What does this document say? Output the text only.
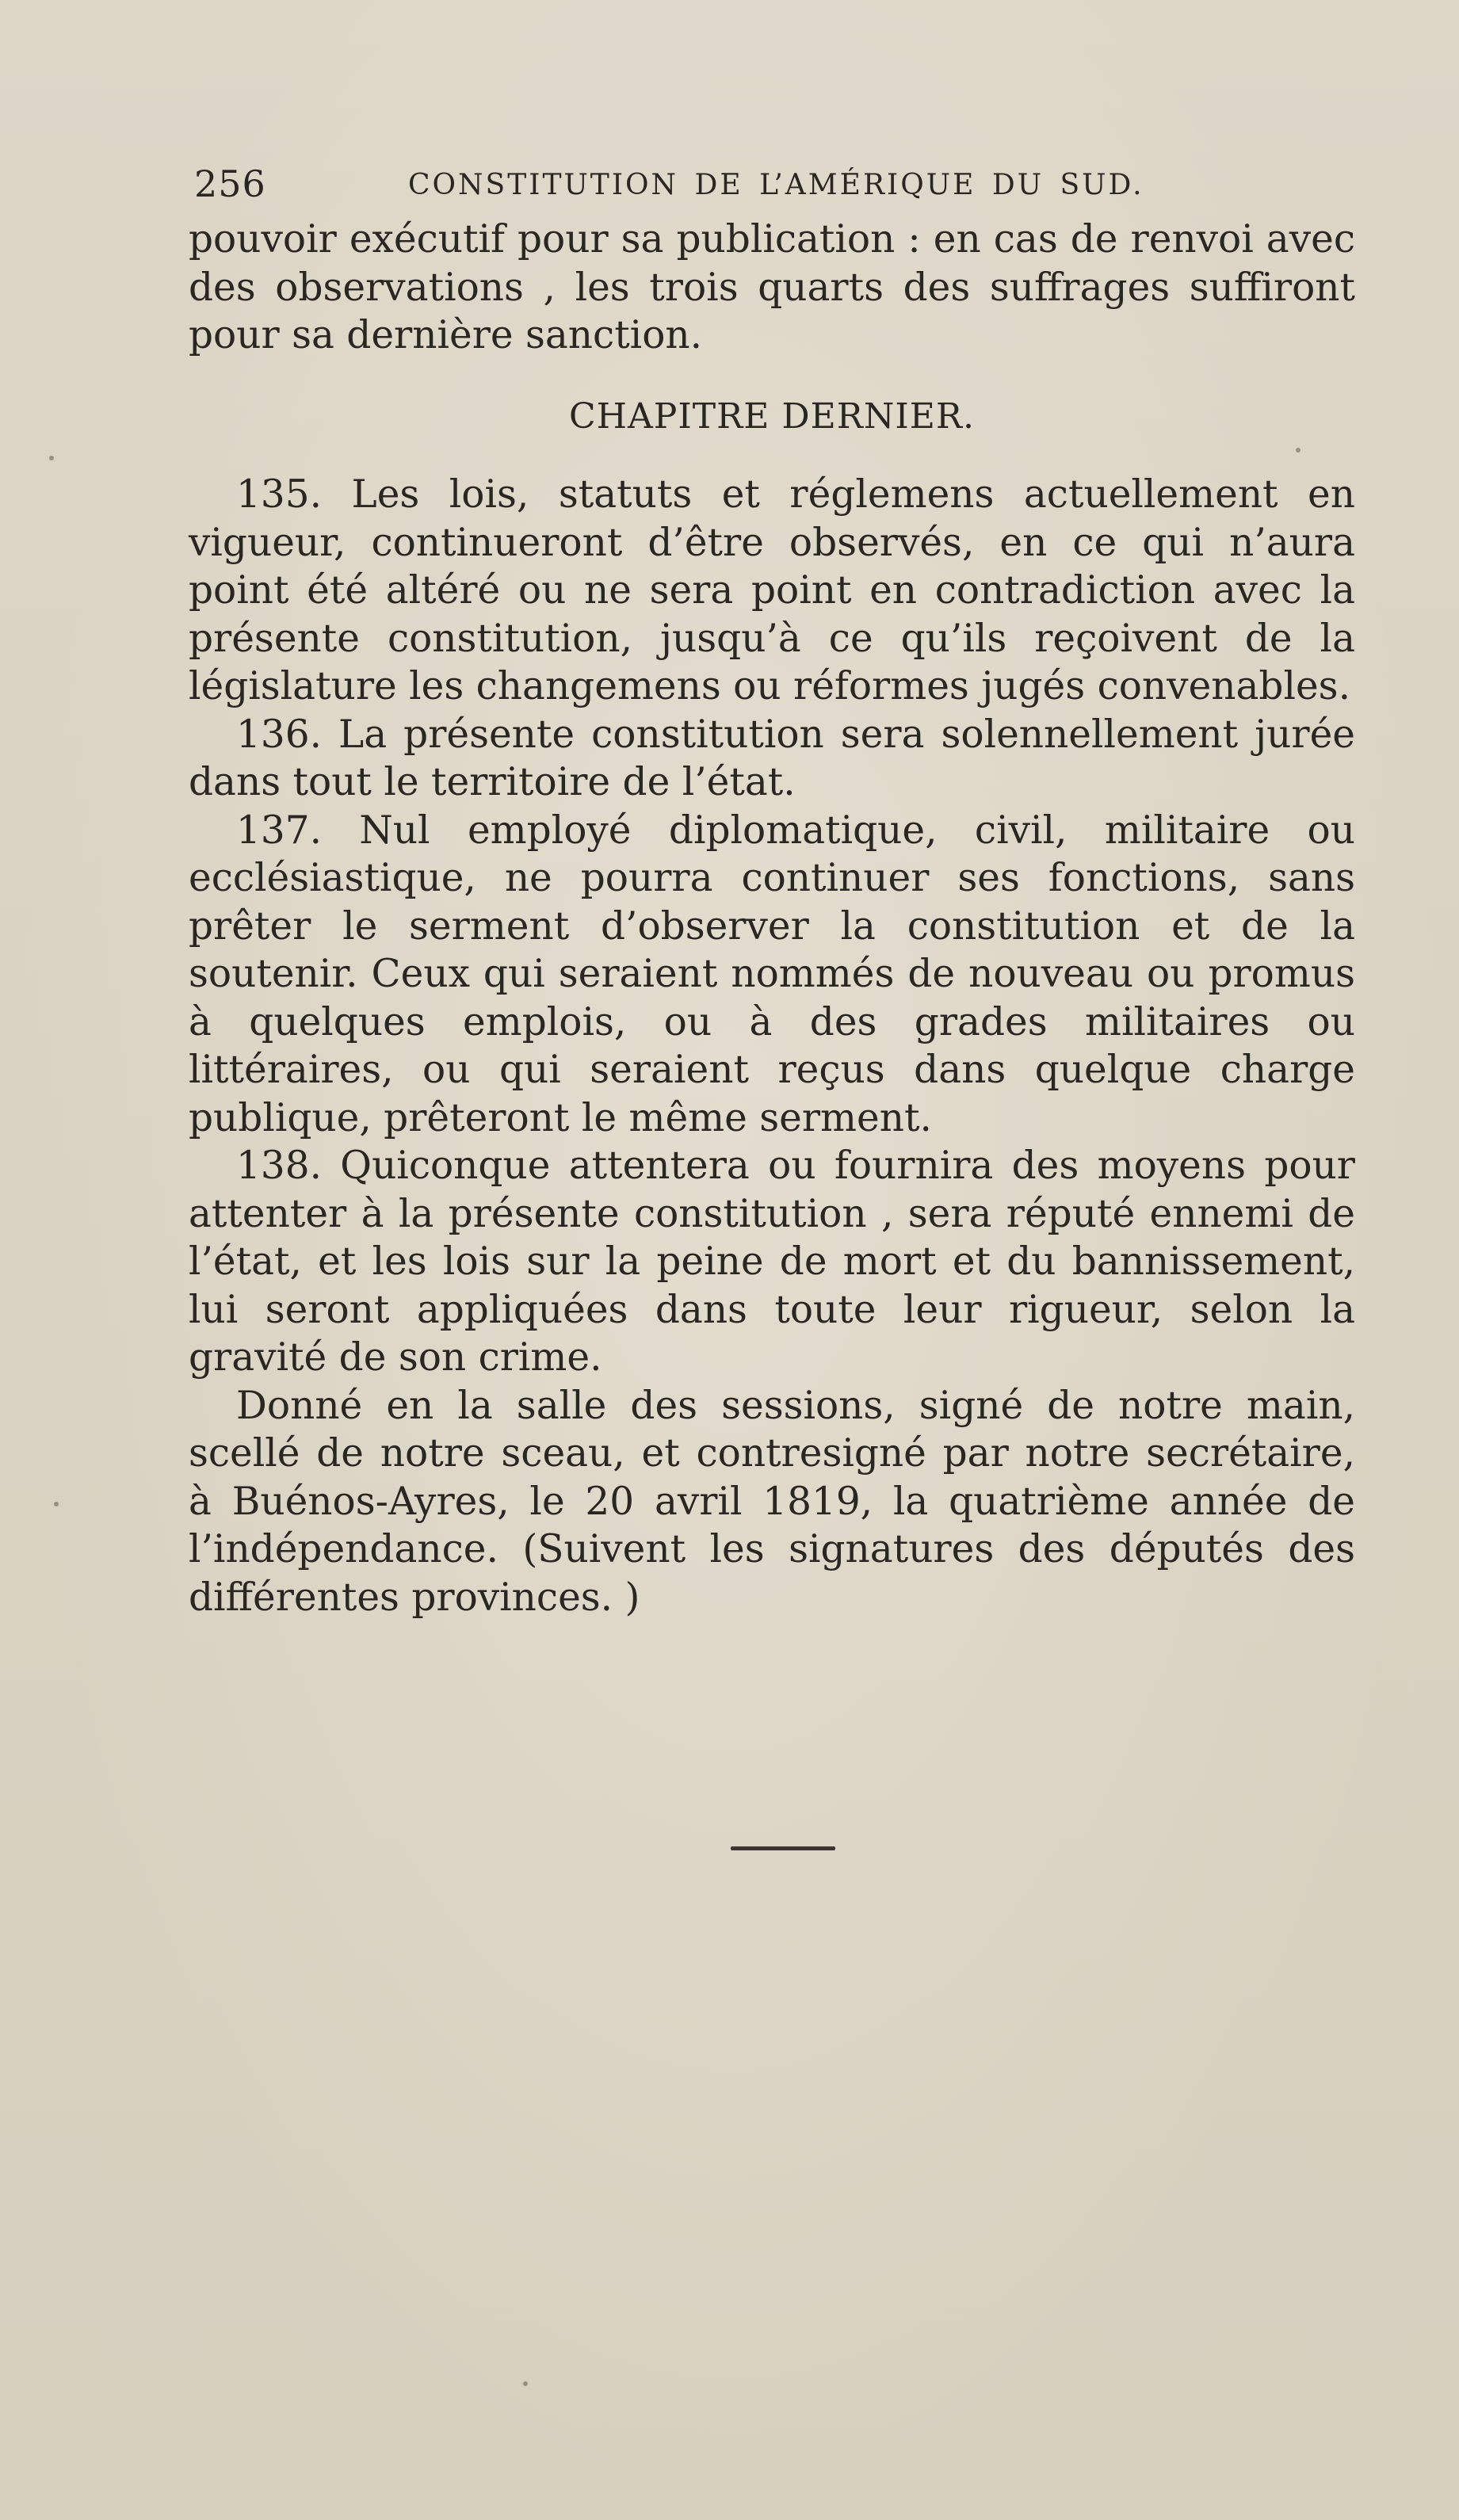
256	CONSTITUTION DE L’AMÉRIQUE DU SUD.

pouvoir exécutif pour sa publication : en cas de renvoi avec des observations , les trois quarts des suffrages suffiront pour sa dernière sanction.

CHAPITRE DERNIER.

135. Les lois, statuts et réglemens actuellement en vigueur, continueront d’être observés, en ce qui n’aura point été altéré ou ne sera point en contradiction avec la présente constitution, jusqu’à ce qu’ils reçoivent de la législature les changemens ou réformes jugés convenables.

136. La présente constitution sera solennellement jurée dans tout le territoire de l’état.

137. Nul employé diplomatique, civil, militaire ou ecclésiastique, ne pourra continuer ses fonctions, sans prêter le serment d’observer la constitution et de la soutenir. Ceux qui seraient nommés de nouveau ou promus à quelques emplois, ou à des grades militaires ou littéraires, ou qui seraient reçus dans quelque charge publique, prêteront le même serment.

138. Quiconque attentera ou fournira des moyens pour attenter à la présente constitution , sera réputé ennemi de l’état, et les lois sur la peine de mort et du bannissement, lui seront appliquées dans toute leur rigueur, selon la gravité de son crime.

Donné en la salle des sessions, signé de notre main, scellé de notre sceau, et contresigné par notre secrétaire, à Buénos-Ayres, le 20 avril 1819, la quatrième année de l’indépendance. (Suivent les signatures des députés des différentes provinces. )
